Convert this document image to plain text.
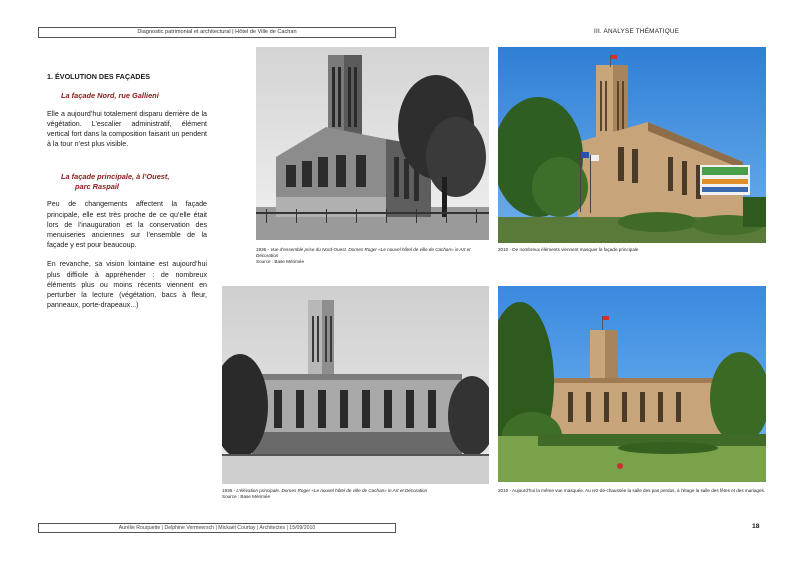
Diagnostic patrimonial et architectural | Hôtel de Ville de Cachan	III. ANALYSE THÉMATIQUE
1. ÉVOLUTION DES FAÇADES
La façade Nord, rue Gallieni
Elle a aujourd’hui totalement disparu derrière de la végétation. L’escalier administratif, élément vertical fort dans la composition faisant un pendent à la tour n’est plus visible.
La façade principale, à l’Ouest,
parc Raspail
Peu de changements affectent la façade principale, elle est très proche de ce qu’elle était lors de l’inauguration et la conservation des menuiseries anciennes sur l’ensemble de la façade y est pour beaucoup.
En revanche, sa vision lointaine est aujourd’hui plus difficile à appréhender : de nombreux éléments plus ou moins récents viennent en perturber la lecture (végétation, bacs à fleur, panneaux, porte-drapeaux...)
1936 - Vue d’ensemble prise du Nord-Ouest. Dornes Roger «Le nouvel hôtel de ville de Cachan» in Art et Décoration
Source : Base Mérimée
2010 - De nombreux éléments viennent masquer la façade principale
1936 - L’élévation principale. Dornes Roger «Le nouvel hôtel de ville de Cachan» in Art et Décoration
Source : Base Mérimée
2010 - Aujourd’hui la même vue masquée. Au rez-de-chaussée la salle des pas perdus, à l’étage la salle des fêtes et des mariages.
Aurélie Rouquette | Delphine Vermeersch | Mickaël Courtay | Architectes | 15/09/2010	18
